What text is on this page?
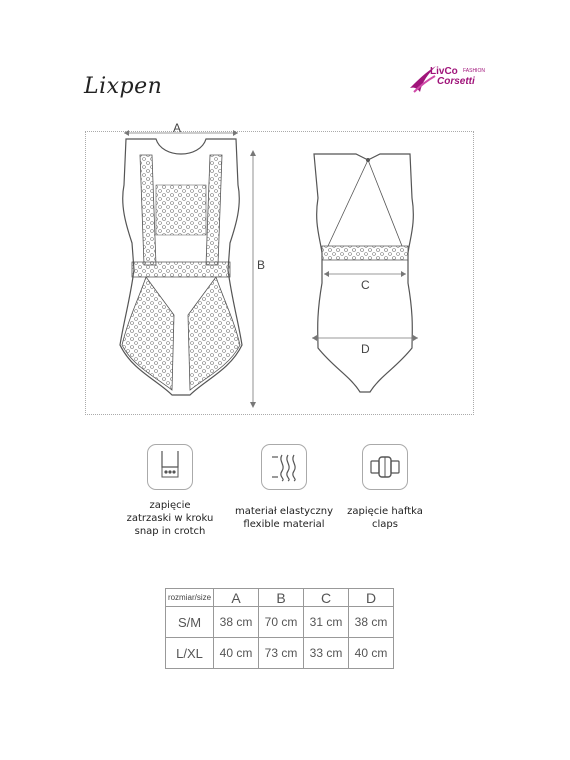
Lixpen
LivCo FASHION
Corsetti
A
B
C
D
zapięcie
zatrzaski w kroku
snap in crotch
materiał elastyczny
flexible material
zapięcie haftka
claps
rozmiar/size	A	B	C	D
S/M	38 cm	70 cm	31 cm	38 cm
L/XL	40 cm	73 cm	33 cm	40 cm
